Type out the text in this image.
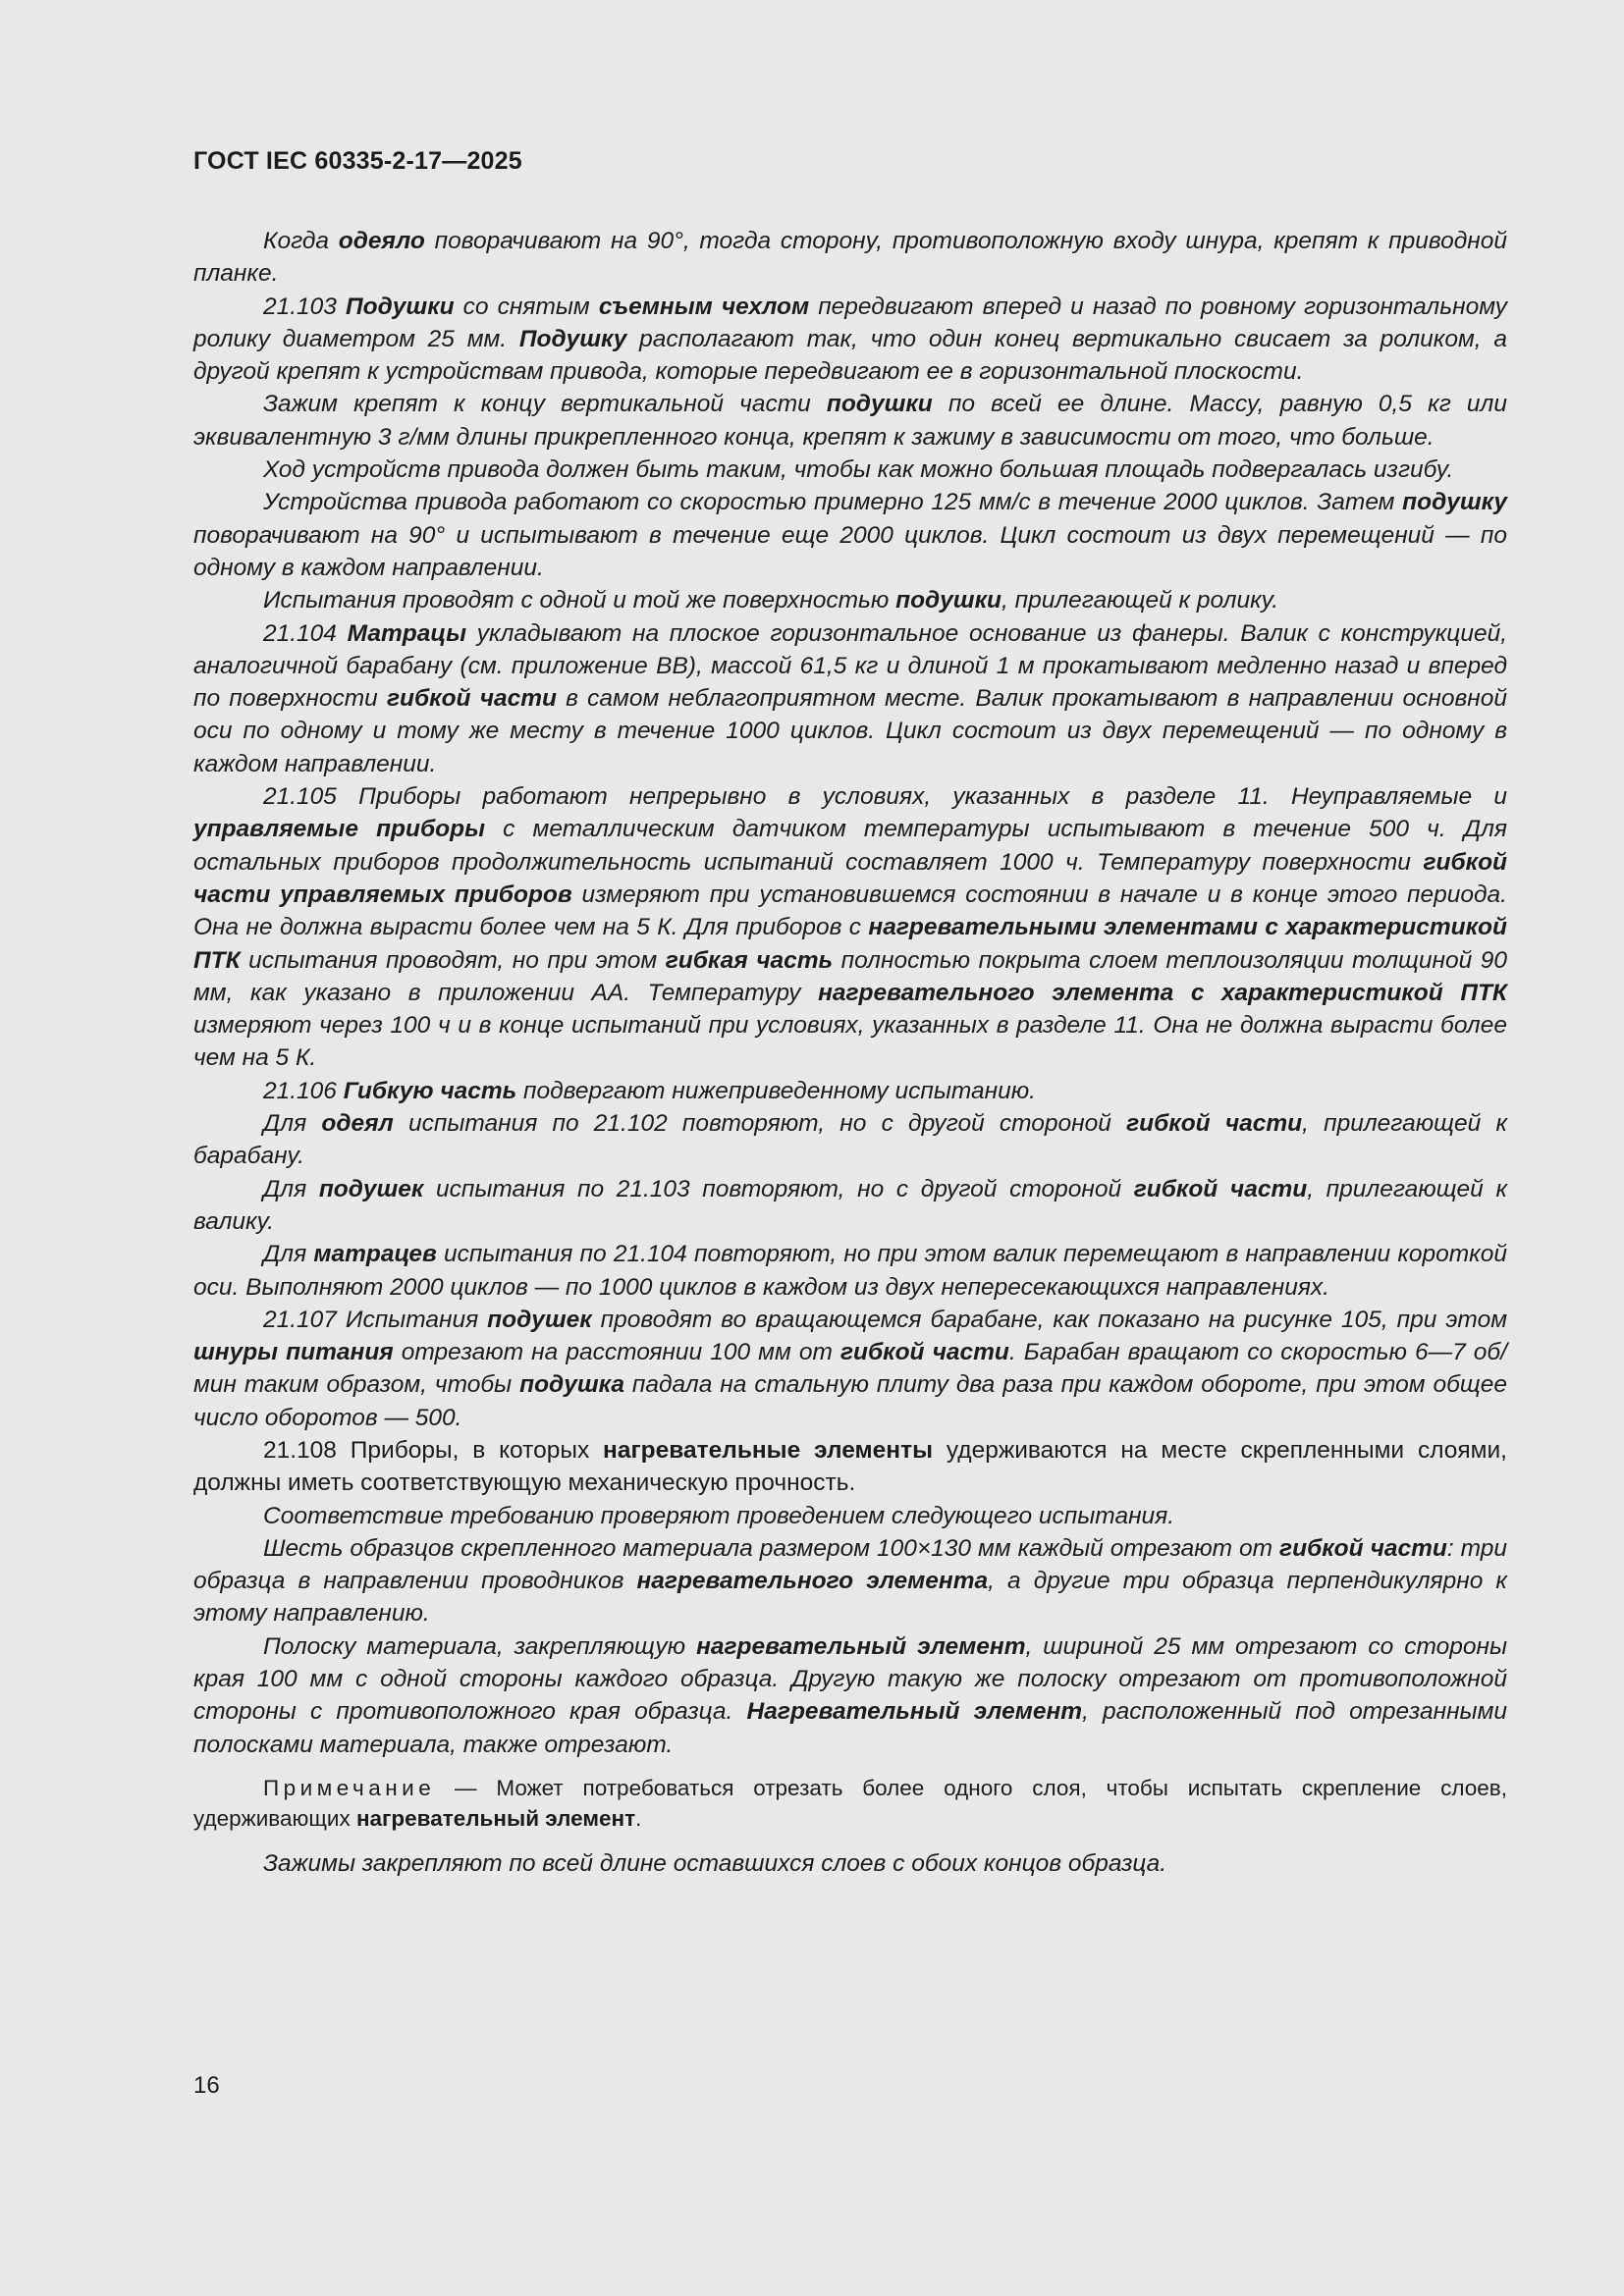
ГОСТ IEC 60335-2-17—2025

Когда одеяло поворачивают на 90°, тогда сторону, противоположную входу шнура, крепят к приводной планке.

21.103 Подушки со снятым съемным чехлом передвигают вперед и назад по ровному горизонтальному ролику диаметром 25 мм. Подушку располагают так, что один конец вертикально свисает за роликом, а другой крепят к устройствам привода, которые передвигают ее в горизонтальной плоскости.

Зажим крепят к концу вертикальной части подушки по всей ее длине. Массу, равную 0,5 кг или эквивалентную 3 г/мм длины прикрепленного конца, крепят к зажиму в зависимости от того, что больше.

Ход устройств привода должен быть таким, чтобы как можно большая площадь подвергалась изгибу.

Устройства привода работают со скоростью примерно 125 мм/с в течение 2000 циклов. Затем подушку поворачивают на 90° и испытывают в течение еще 2000 циклов. Цикл состоит из двух перемещений — по одному в каждом направлении.

Испытания проводят с одной и той же поверхностью подушки, прилегающей к ролику.

21.104 Матрацы укладывают на плоское горизонтальное основание из фанеры. Валик с конструкцией, аналогичной барабану (см. приложение ВВ), массой 61,5 кг и длиной 1 м прокатывают медленно назад и вперед по поверхности гибкой части в самом неблагоприятном месте. Валик прокатывают в направлении основной оси по одному и тому же месту в течение 1000 циклов. Цикл состоит из двух перемещений — по одному в каждом направлении.

21.105 Приборы работают непрерывно в условиях, указанных в разделе 11. Неуправляемые и управляемые приборы с металлическим датчиком температуры испытывают в течение 500 ч. Для остальных приборов продолжительность испытаний составляет 1000 ч. Температуру поверхности гибкой части управляемых приборов измеряют при установившемся состоянии в начале и в конце этого периода. Она не должна вырасти более чем на 5 К. Для приборов с нагревательными элементами с характеристикой ПТК испытания проводят, но при этом гибкая часть полностью покрыта слоем теплоизоляции толщиной 90 мм, как указано в приложении АА. Температуру нагревательного элемента с характеристикой ПТК измеряют через 100 ч и в конце испытаний при условиях, указанных в разделе 11. Она не должна вырасти более чем на 5 К.

21.106 Гибкую часть подвергают нижеприведенному испытанию.

Для одеял испытания по 21.102 повторяют, но с другой стороной гибкой части, прилегающей к барабану.

Для подушек испытания по 21.103 повторяют, но с другой стороной гибкой части, прилегающей к валику.

Для матрацев испытания по 21.104 повторяют, но при этом валик перемещают в направлении короткой оси. Выполняют 2000 циклов — по 1000 циклов в каждом из двух непересекающихся направлениях.

21.107 Испытания подушек проводят во вращающемся барабане, как показано на рисунке 105, при этом шнуры питания отрезают на расстоянии 100 мм от гибкой части. Барабан вращают со скоростью 6—7 об/мин таким образом, чтобы подушка падала на стальную плиту два раза при каждом обороте, при этом общее число оборотов — 500.

21.108 Приборы, в которых нагревательные элементы удерживаются на месте скрепленными слоями, должны иметь соответствующую механическую прочность.

Соответствие требованию проверяют проведением следующего испытания.

Шесть образцов скрепленного материала размером 100×130 мм каждый отрезают от гибкой части: три образца в направлении проводников нагревательного элемента, а другие три образца перпендикулярно к этому направлению.

Полоску материала, закрепляющую нагревательный элемент, шириной 25 мм отрезают со стороны края 100 мм с одной стороны каждого образца. Другую такую же полоску отрезают от противоположной стороны с противоположного края образца. Нагревательный элемент, расположенный под отрезанными полосками материала, также отрезают.

Примечание — Может потребоваться отрезать более одного слоя, чтобы испытать скрепление слоев, удерживающих нагревательный элемент.

Зажимы закрепляют по всей длине оставшихся слоев с обоих концов образца.

16
